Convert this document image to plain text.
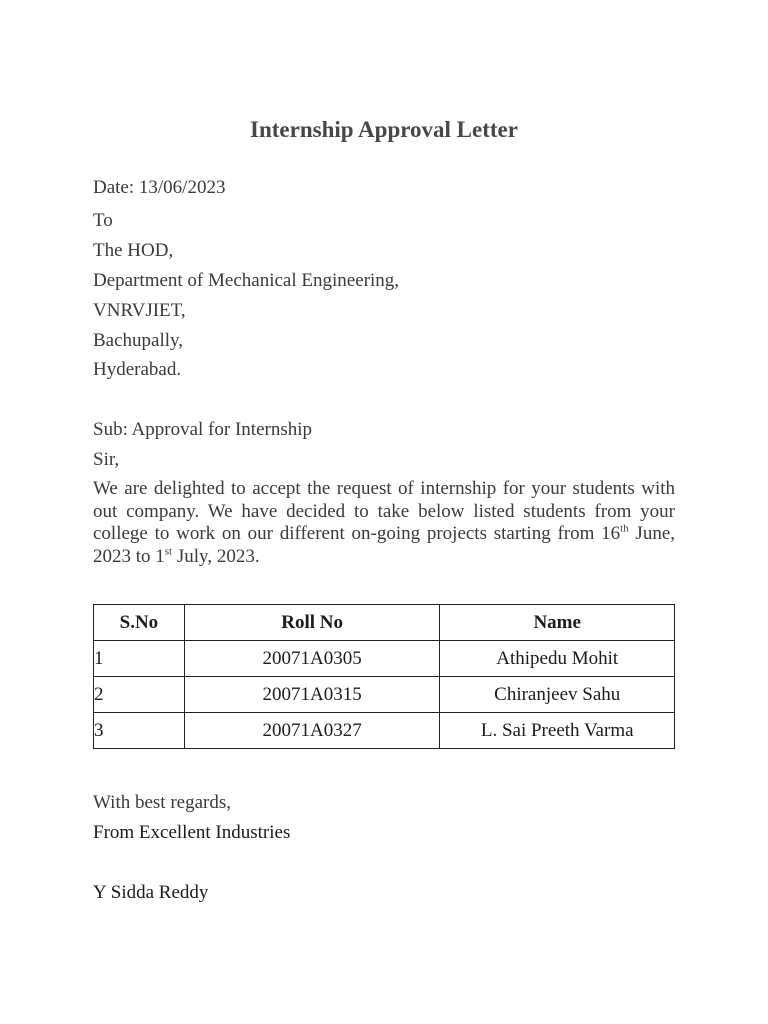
Internship Approval Letter

Date: 13/06/2023

To

The HOD,

Department of Mechanical Engineering,

VNRVJIET,

Bachupally,

Hyderabad.

Sub: Approval for Internship

Sir,

We are delighted to accept the request of internship for your students with out company. We have decided to take below listed students from your college to work on our different on-going projects starting from 16th June, 2023 to 1st July, 2023.

S.No	Roll No	Name
1	20071A0305	Athipedu Mohit
2	20071A0315	Chiranjeev Sahu
3	20071A0327	L. Sai Preeth Varma

With best regards,

From Excellent Industries

Y Sidda Reddy
